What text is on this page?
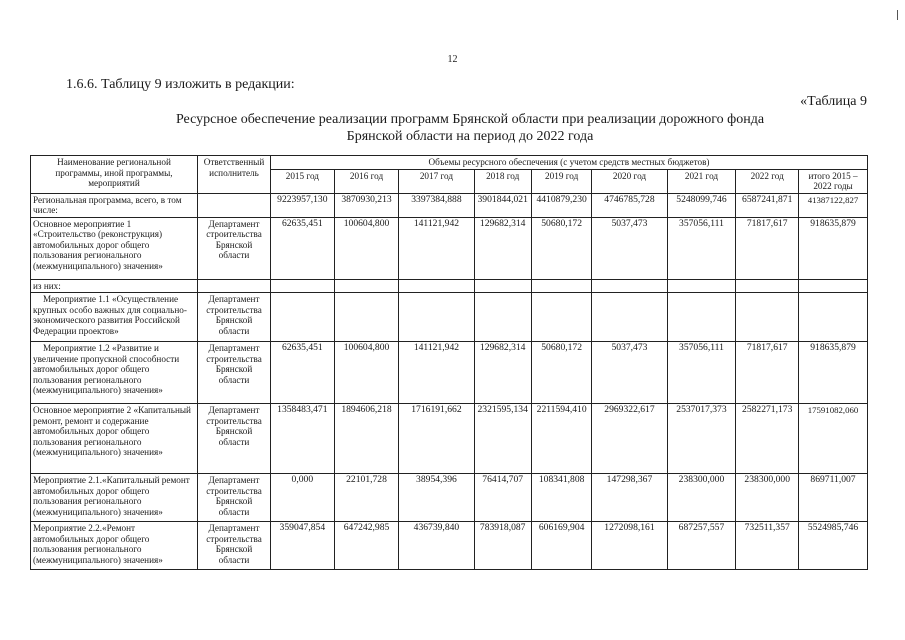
12
1.6.6. Таблицу 9 изложить в редакции:
«Таблица 9
Ресурсное обеспечение реализации программ Брянской области при реализации дорожного фонда
Брянской области на период до 2022 года
Наименование региональной программы, иной программы, мероприятий	Ответственный исполнитель	Объемы ресурсного обеспечения (с учетом средств местных бюджетов)								
		2015 год	2016 год	2017 год	2018 год	2019 год	2020 год	2021 год	2022 год	итого 2015 – 2022 годы
Региональная программа, всего, в том числе:		9223957,130	3870930,213	3397384,888	3901844,021	4410879,230	4746785,728	5248099,746	6587241,871	41387122,827
Основное мероприятие 1 «Строительство (реконструкция) автомобильных дорог общего пользования регионального (межмуниципального) значения»	Департамент строительства Брянской области	62635,451	100604,800	141121,942	129682,314	50680,172	5037,473	357056,111	71817,617	918635,879
из них:										
Мероприятие 1.1 «Осуществление крупных особо важных для социально-экономического развития Российской Федерации проектов»	Департамент строительства Брянской области									
Мероприятие 1.2 «Развитие и увеличение пропускной способности автомобильных дорог общего пользования регионального (межмуниципального) значения»	Департамент строительства Брянской области	62635,451	100604,800	141121,942	129682,314	50680,172	5037,473	357056,111	71817,617	918635,879
Основное мероприятие 2 «Капитальный ремонт, ремонт и содержание автомобильных дорог общего пользования регионального (межмуниципального) значения»	Департамент строительства Брянской области	1358483,471	1894606,218	1716191,662	2321595,134	2211594,410	2969322,617	2537017,373	2582271,173	17591082,060
Мероприятие 2.1.«Капитальный ремонт автомобильных дорог общего пользования регионального (межмуниципального) значения»	Департамент строительства Брянской области	0,000	22101,728	38954,396	76414,707	108341,808	147298,367	238300,000	238300,000	869711,007
Мероприятие 2.2.«Ремонт автомобильных дорог общего пользования регионального (межмуниципального) значения»	Департамент строительства Брянской области	359047,854	647242,985	436739,840	783918,087	606169,904	1272098,161	687257,557	732511,357	5524985,746
